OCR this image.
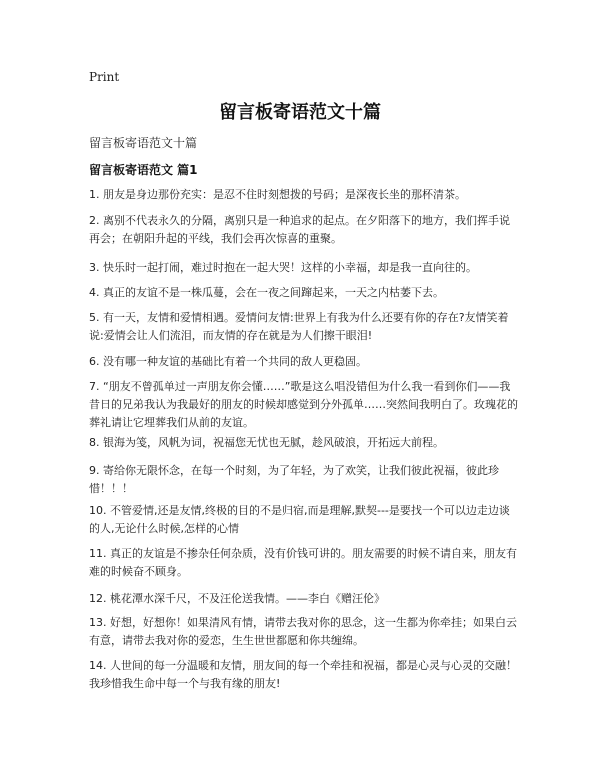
Print
留言板寄语范文十篇
留言板寄语范文十篇
留言板寄语范文 篇1

1. 朋友是身边那份充实：是忍不住时刻想拨的号码；是深夜长坐的那杯清茶。

2. 离别不代表永久的分隔，离别只是一种追求的起点。在夕阳落下的地方，我们挥手说再会；在朝阳升起的平线，我们会再次惊喜的重聚。

3. 快乐时一起打闹，难过时抱在一起大哭！这样的小幸福，却是我一直向往的。

4. 真正的友谊不是一株瓜蔓，会在一夜之间蹿起来，一天之内枯萎下去。

5. 有一天，友情和爱情相遇。爱情问友情:世界上有我为什么还要有你的存在?友情笑着说:爱情会让人们流泪，而友情的存在就是为人们擦干眼泪!

6. 没有哪一种友谊的基础比有着一个共同的敌人更稳固。

7. “朋友不曾孤单过一声朋友你会懂……”歌是这么唱没错但为什么我一看到你们——我昔日的兄弟我认为我最好的朋友的时候却感觉到分外孤单……突然间我明白了。玫瑰花的葬礼请让它埋葬我们从前的友谊。

8. 银海为笺，风帆为词，祝福您无忧也无腻，趁风破浪，开拓远大前程。

9. 寄给你无限怀念，在每一个时刻，为了年轻，为了欢笑，让我们彼此祝福，彼此珍惜！！！

10. 不管爱情,还是友情,终极的目的不是归宿,而是理解,默契---是要找一个可以边走边谈的人,无论什么时候,怎样的心情

11. 真正的友谊是不掺杂任何杂质，没有价钱可讲的。朋友需要的时候不请自来，朋友有难的时候奋不顾身。

12. 桃花潭水深千尺，不及汪伦送我情。——李白《赠汪伦》

13. 好想，好想你！如果清风有情，请带去我对你的思念，这一生都为你牵挂；如果白云有意，请带去我对你的爱恋，生生世世都愿和你共缠绵。

14. 人世间的每一分温暖和友情，朋友间的每一个牵挂和祝福，都是心灵与心灵的交融！我珍惜我生命中每一个与我有缘的朋友!
